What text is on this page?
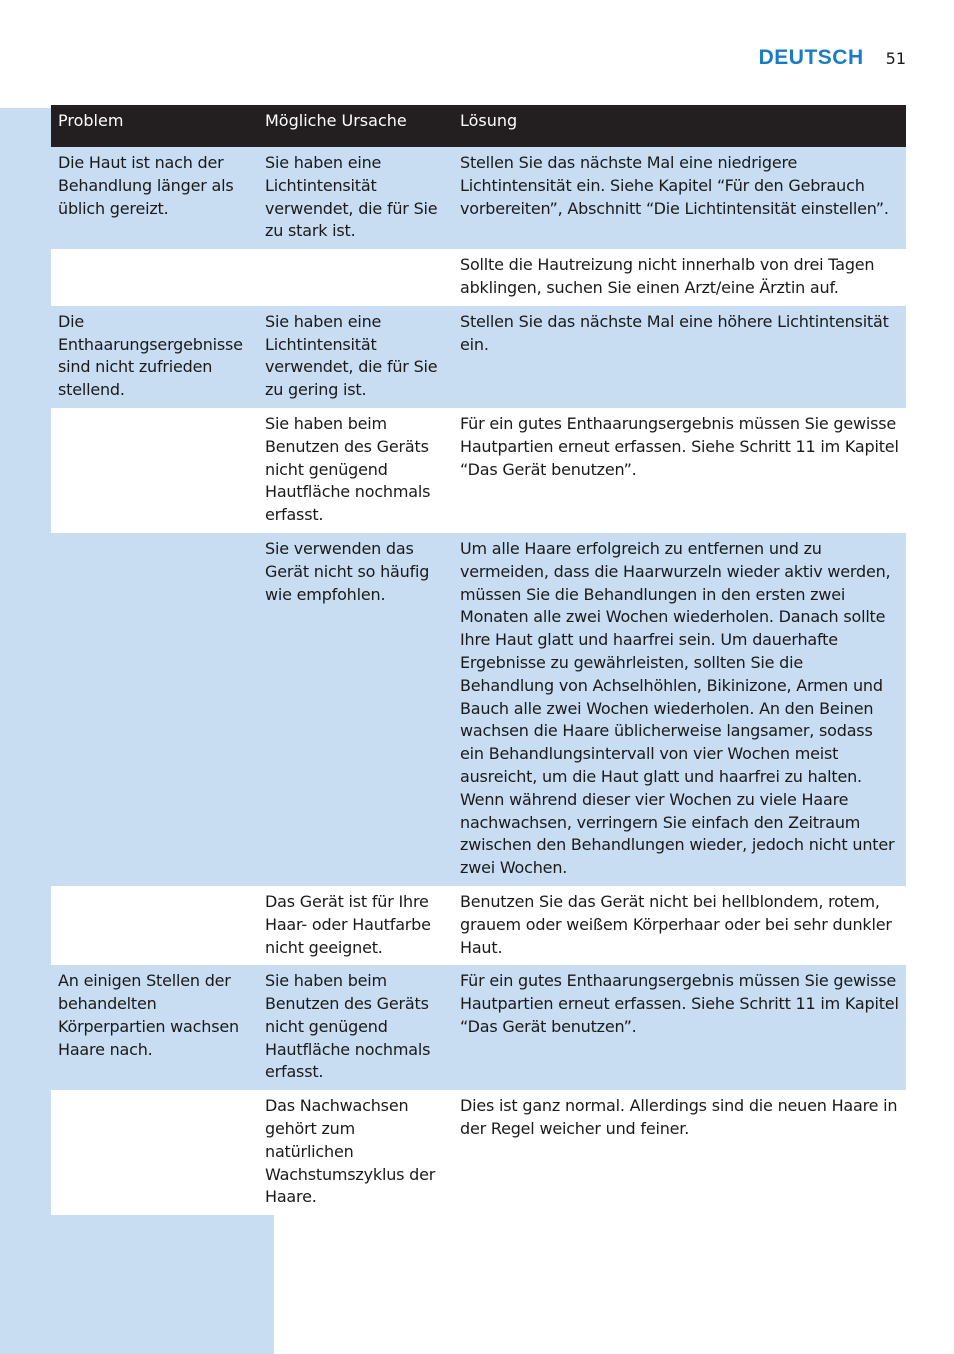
DEUTSCH 51
Problem	Mögliche Ursache	Lösung
Die Haut ist nach der Behandlung länger als üblich gereizt.	Sie haben eine Lichtintensität verwendet, die für Sie zu stark ist.	Stellen Sie das nächste Mal eine niedrigere Lichtintensität ein. Siehe Kapitel “Für den Gebrauch vorbereiten”, Abschnitt “Die Lichtintensität einstellen”.
		Sollte die Hautreizung nicht innerhalb von drei Tagen abklingen, suchen Sie einen Arzt/eine Ärztin auf.
Die Enthaarungsergebnisse sind nicht zufrieden stellend.	Sie haben eine Lichtintensität verwendet, die für Sie zu gering ist.	Stellen Sie das nächste Mal eine höhere Lichtintensität ein.
	Sie haben beim Benutzen des Geräts nicht genügend Hautfläche nochmals erfasst.	Für ein gutes Enthaarungsergebnis müssen Sie gewisse Hautpartien erneut erfassen. Siehe Schritt 11 im Kapitel “Das Gerät benutzen”.
	Sie verwenden das Gerät nicht so häufig wie empfohlen.	Um alle Haare erfolgreich zu entfernen und zu vermeiden, dass die Haarwurzeln wieder aktiv werden, müssen Sie die Behandlungen in den ersten zwei Monaten alle zwei Wochen wiederholen. Danach sollte Ihre Haut glatt und haarfrei sein. Um dauerhafte Ergebnisse zu gewährleisten, sollten Sie die Behandlung von Achselhöhlen, Bikinizone, Armen und Bauch alle zwei Wochen wiederholen. An den Beinen wachsen die Haare üblicherweise langsamer, sodass ein Behandlungsintervall von vier Wochen meist ausreicht, um die Haut glatt und haarfrei zu halten. Wenn während dieser vier Wochen zu viele Haare nachwachsen, verringern Sie einfach den Zeitraum zwischen den Behandlungen wieder, jedoch nicht unter zwei Wochen.
	Das Gerät ist für Ihre Haar- oder Hautfarbe nicht geeignet.	Benutzen Sie das Gerät nicht bei hellblondem, rotem, grauem oder weißem Körperhaar oder bei sehr dunkler Haut.
An einigen Stellen der behandelten Körperpartien wachsen Haare nach.	Sie haben beim Benutzen des Geräts nicht genügend Hautfläche nochmals erfasst.	Für ein gutes Enthaarungsergebnis müssen Sie gewisse Hautpartien erneut erfassen. Siehe Schritt 11 im Kapitel “Das Gerät benutzen”.
	Das Nachwachsen gehört zum natürlichen Wachstumszyklus der Haare.	Dies ist ganz normal. Allerdings sind die neuen Haare in der Regel weicher und feiner.
